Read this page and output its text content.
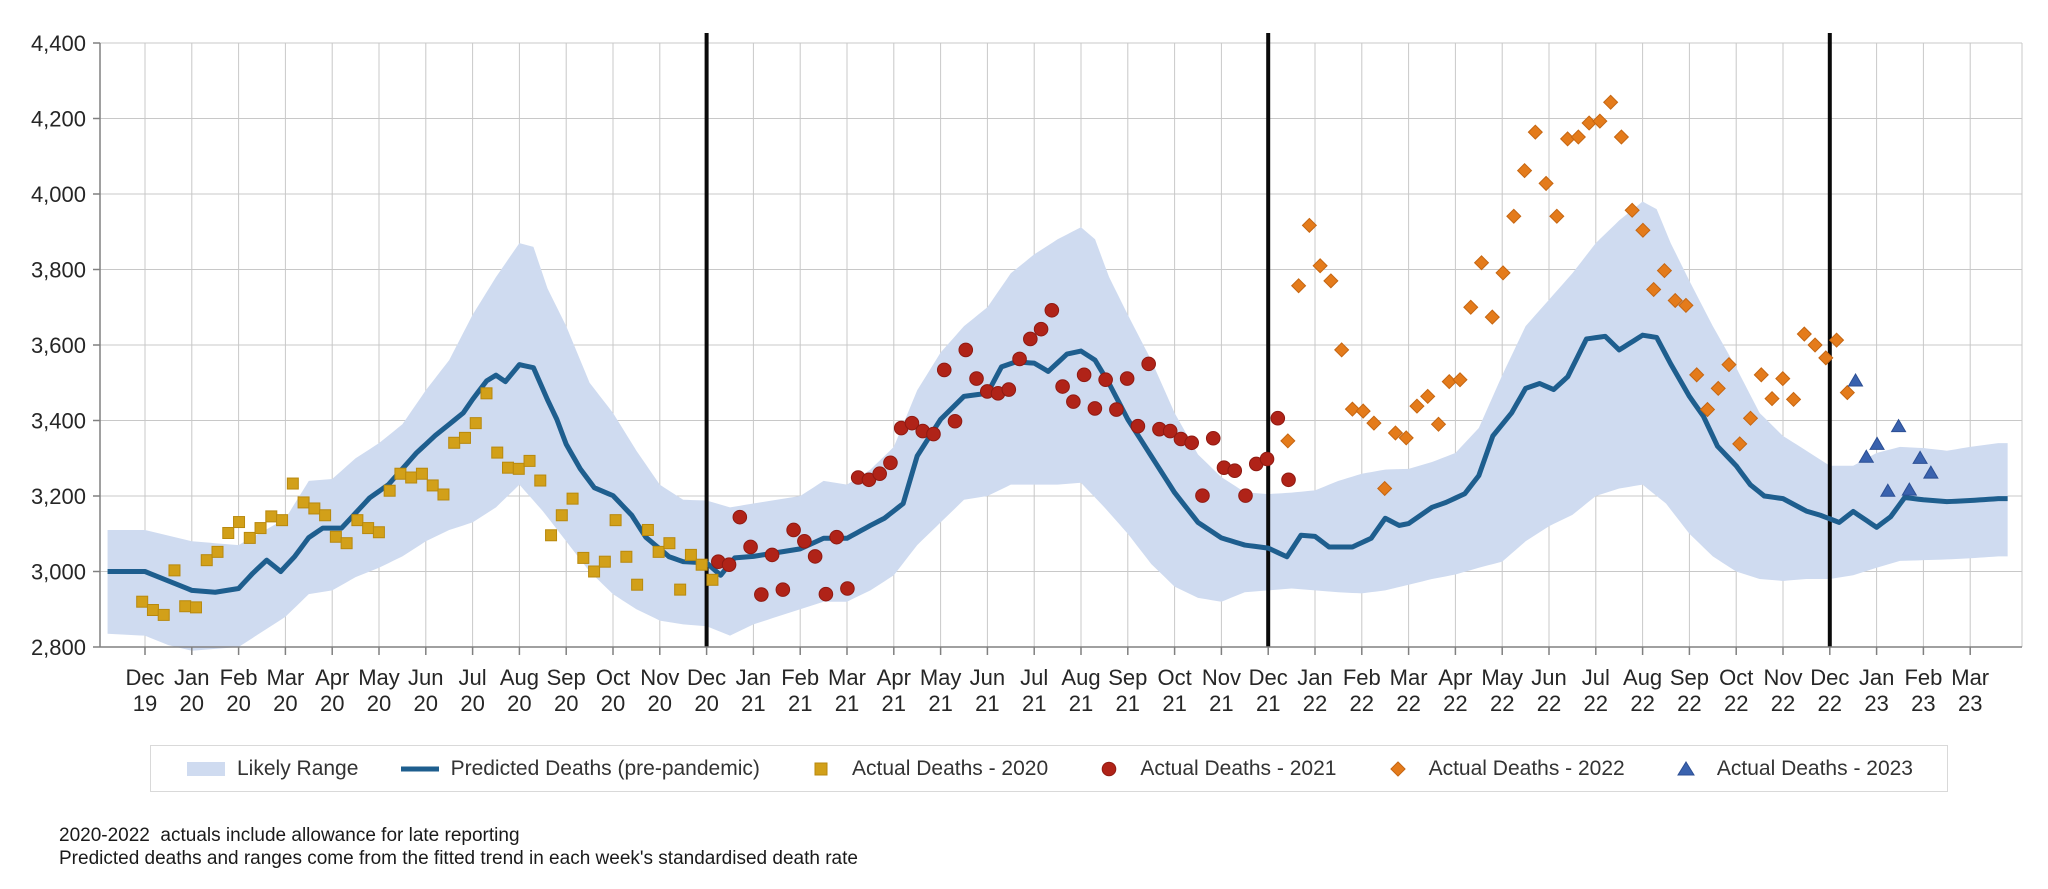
2,800
3,000
3,200
3,400
3,600
3,800
4,000
4,200
4,400
Dec
19
Jan
20
Feb
20
Mar
20
Apr
20
May
20
Jun
20
Jul
20
Aug
20
Sep
20
Oct
20
Nov
20
Dec
20
Jan
21
Feb
21
Mar
21
Apr
21
May
21
Jun
21
Jul
21
Aug
21
Sep
21
Oct
21
Nov
21
Dec
21
Jan
22
Feb
22
Mar
22
Apr
22
May
22
Jun
22
Jul
22
Aug
22
Sep
22
Oct
22
Nov
22
Dec
22
Jan
23
Feb
23
Mar
23
Likely Range	Predicted Deaths (pre-pandemic)	Actual Deaths - 2020	Actual Deaths - 2021	Actual Deaths - 2022	Actual Deaths - 2023
2020-2022  actuals include allowance for late reporting
Predicted deaths and ranges come from the fitted trend in each week's standardised death rate
